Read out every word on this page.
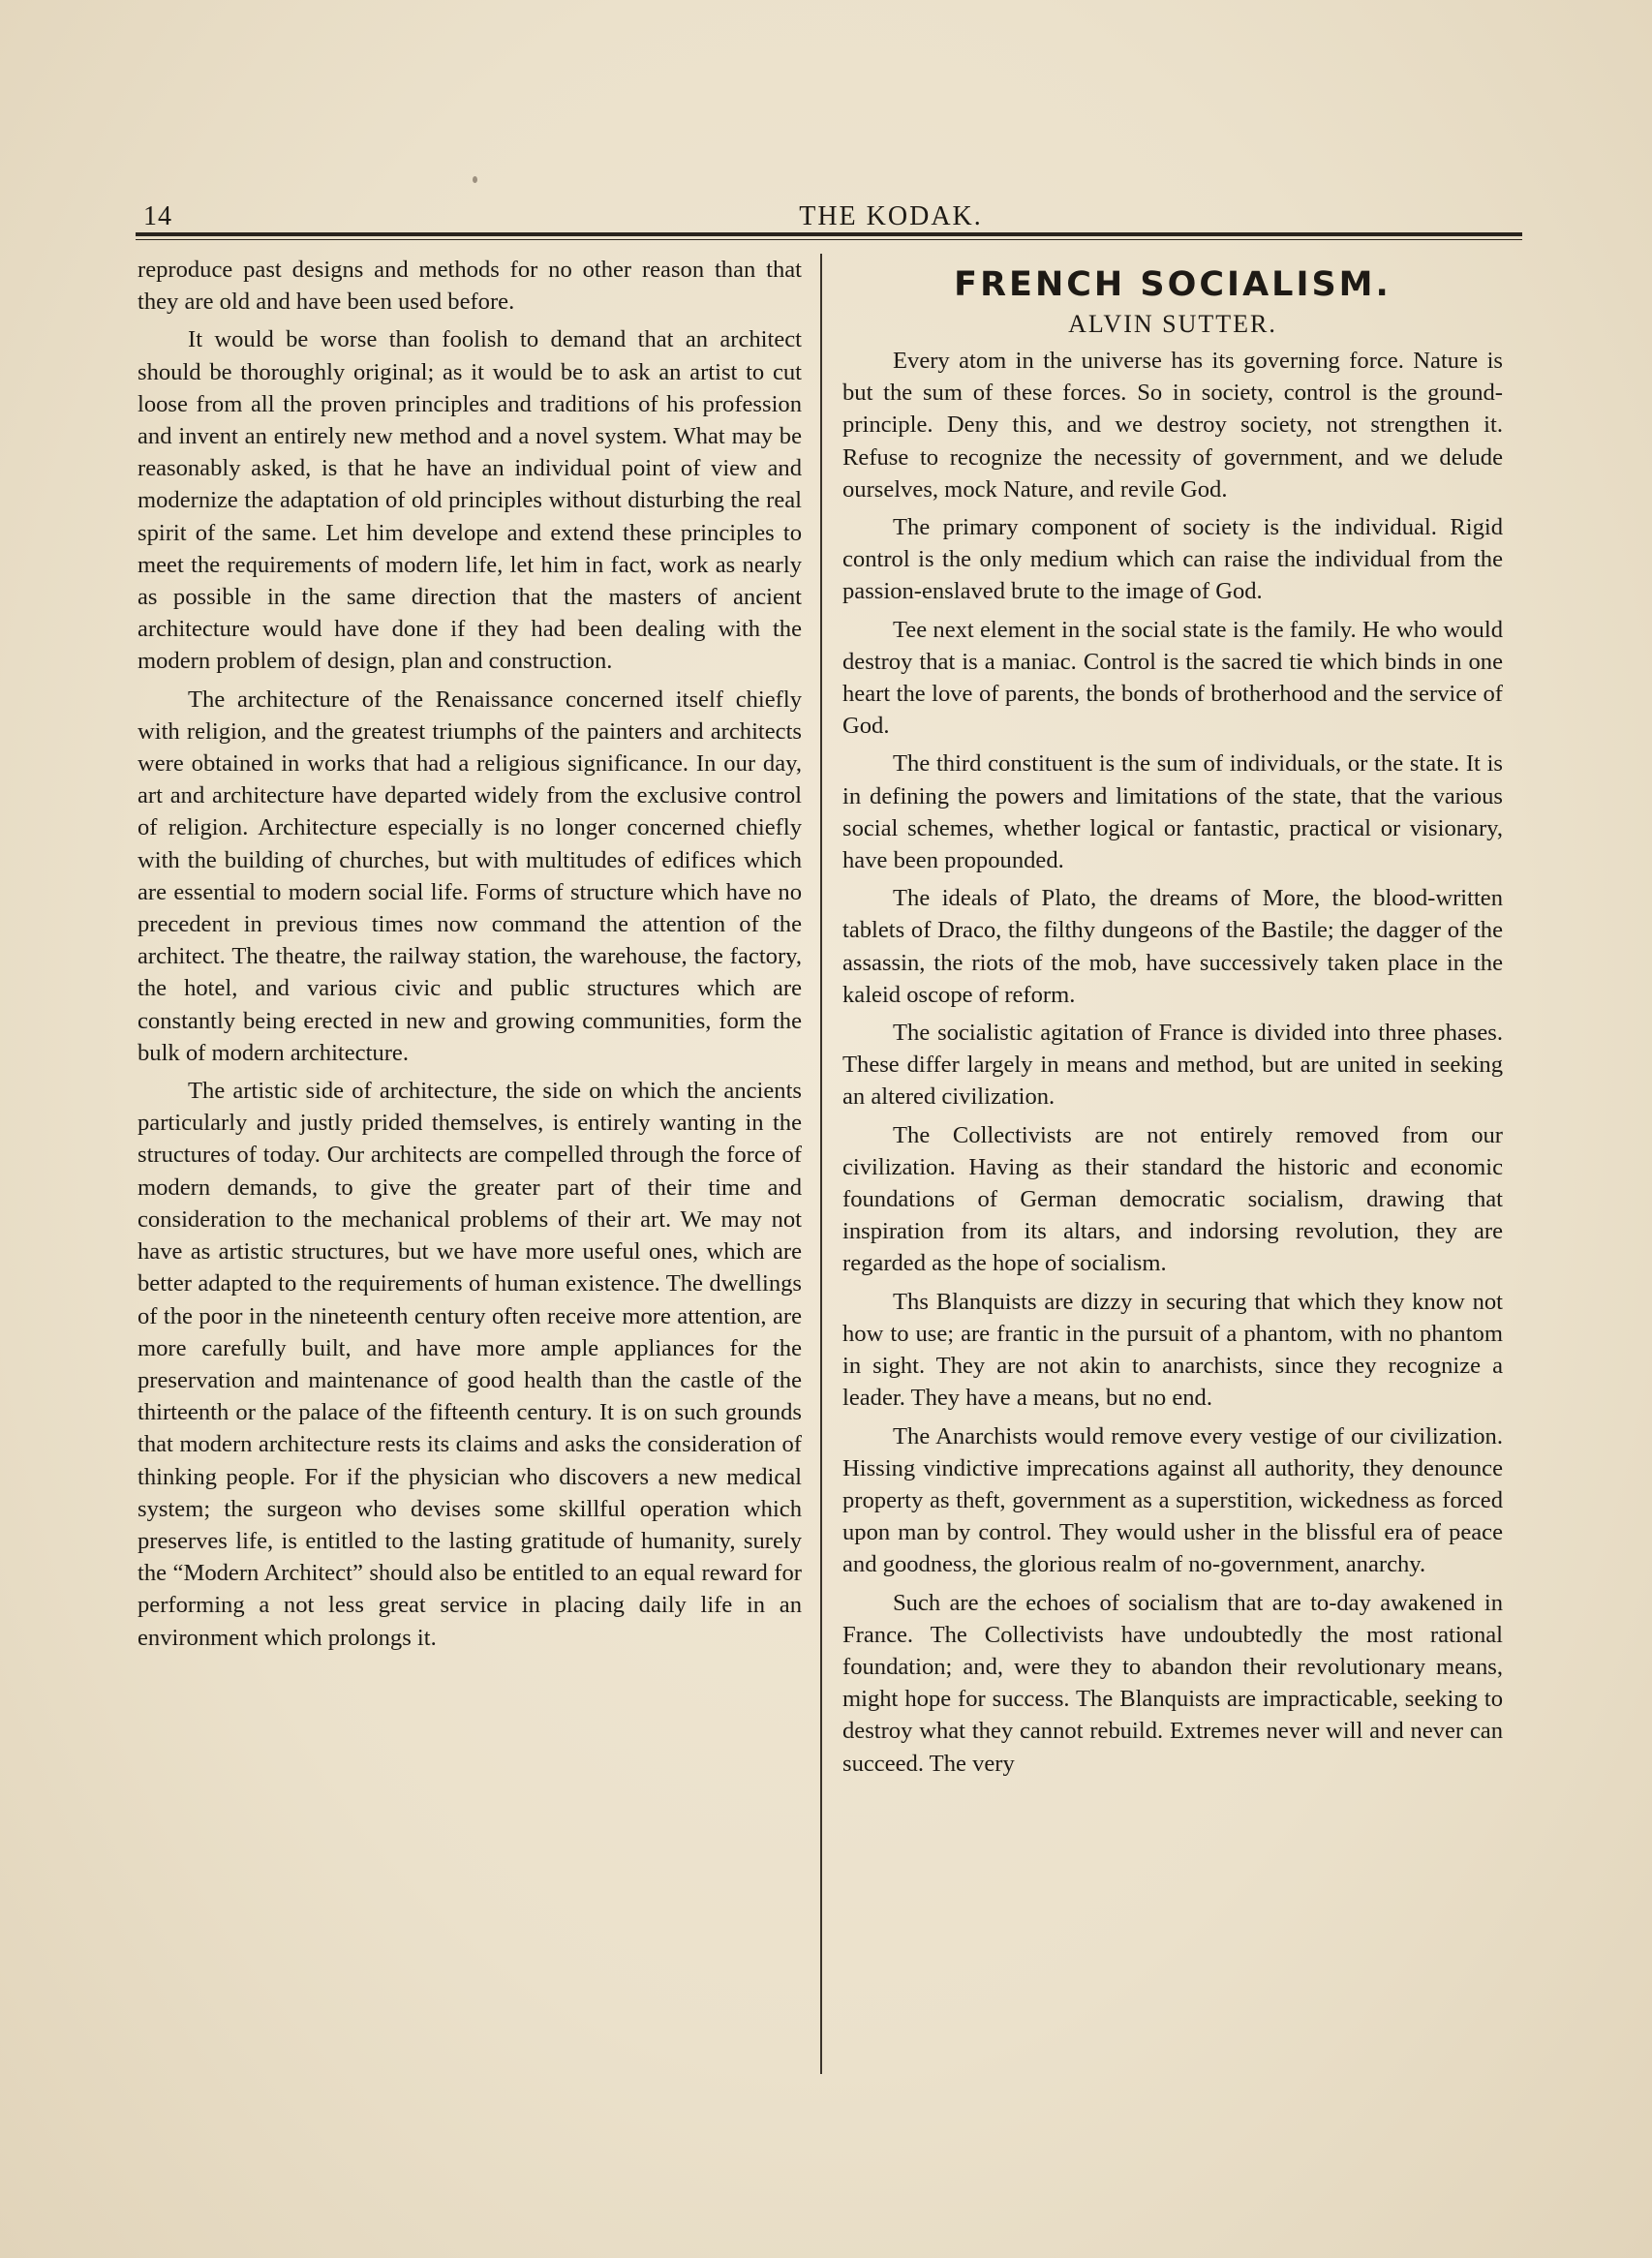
14	THE KODAK.

reproduce past designs and methods for no other reason than that they are old and have been used before.

It would be worse than foolish to demand that an architect should be thoroughly original; as it would be to ask an artist to cut loose from all the proven principles and traditions of his profession and invent an entirely new method and a novel system. What may be reasonably asked, is that he have an individual point of view and modernize the adaptation of old principles without disturbing the real spirit of the same. Let him develope and extend these principles to meet the requirements of modern life, let him in fact, work as nearly as possible in the same direction that the masters of ancient architecture would have done if they had been dealing with the modern problem of design, plan and construction.

The architecture of the Renaissance concerned itself chiefly with religion, and the greatest triumphs of the painters and architects were obtained in works that had a religious significance. In our day, art and architecture have departed widely from the exclusive control of religion. Architecture especially is no longer concerned chiefly with the building of churches, but with multitudes of edifices which are essential to modern social life. Forms of structure which have no precedent in previous times now command the attention of the architect. The theatre, the railway station, the warehouse, the factory, the hotel, and various civic and public structures which are constantly being erected in new and growing communities, form the bulk of modern architecture.

The artistic side of architecture, the side on which the ancients particularly and justly prided themselves, is entirely wanting in the structures of today. Our architects are compelled through the force of modern demands, to give the greater part of their time and consideration to the mechanical problems of their art. We may not have as artistic structures, but we have more useful ones, which are better adapted to the requirements of human existence. The dwellings of the poor in the nineteenth century often receive more attention, are more carefully built, and have more ample appliances for the preservation and maintenance of good health than the castle of the thirteenth or the palace of the fifteenth century. It is on such grounds that modern architecture rests its claims and asks the consideration of thinking people. For if the physician who discovers a new medical system; the surgeon who devises some skillful operation which preserves life, is entitled to the lasting gratitude of humanity, surely the “Modern Architect” should also be entitled to an equal reward for performing a not less great service in placing daily life in an environment which prolongs it.

FRENCH SOCIALISM.
ALVIN SUTTER.

Every atom in the universe has its governing force. Nature is but the sum of these forces. So in society, control is the ground-principle. Deny this, and we destroy society, not strengthen it. Refuse to recognize the necessity of government, and we delude ourselves, mock Nature, and revile God.

The primary component of society is the individual. Rigid control is the only medium which can raise the individual from the passion-enslaved brute to the image of God.

Tee next element in the social state is the family. He who would destroy that is a maniac. Control is the sacred tie which binds in one heart the love of parents, the bonds of brotherhood and the service of God.

The third constituent is the sum of individuals, or the state. It is in defining the powers and limitations of the state, that the various social schemes, whether logical or fantastic, practical or visionary, have been propounded.

The ideals of Plato, the dreams of More, the blood-written tablets of Draco, the filthy dungeons of the Bastile; the dagger of the assassin, the riots of the mob, have successively taken place in the kaleid oscope of reform.

The socialistic agitation of France is divided into three phases. These differ largely in means and method, but are united in seeking an altered civilization.

The Collectivists are not entirely removed from our civilization. Having as their standard the historic and economic foundations of German democratic socialism, drawing that inspiration from its altars, and indorsing revolution, they are regarded as the hope of socialism.

Ths Blanquists are dizzy in securing that which they know not how to use; are frantic in the pursuit of a phantom, with no phantom in sight. They are not akin to anarchists, since they recognize a leader. They have a means, but no end.

The Anarchists would remove every vestige of our civilization. Hissing vindictive imprecations against all authority, they denounce property as theft, government as a superstition, wickedness as forced upon man by control. They would usher in the blissful era of peace and goodness, the glorious realm of no-government, anarchy.

Such are the echoes of socialism that are to-day awakened in France. The Collectivists have undoubtedly the most rational foundation; and, were they to abandon their revolutionary means, might hope for success. The Blanquists are impracticable, seeking to destroy what they cannot rebuild. Extremes never will and never can succeed. The very
